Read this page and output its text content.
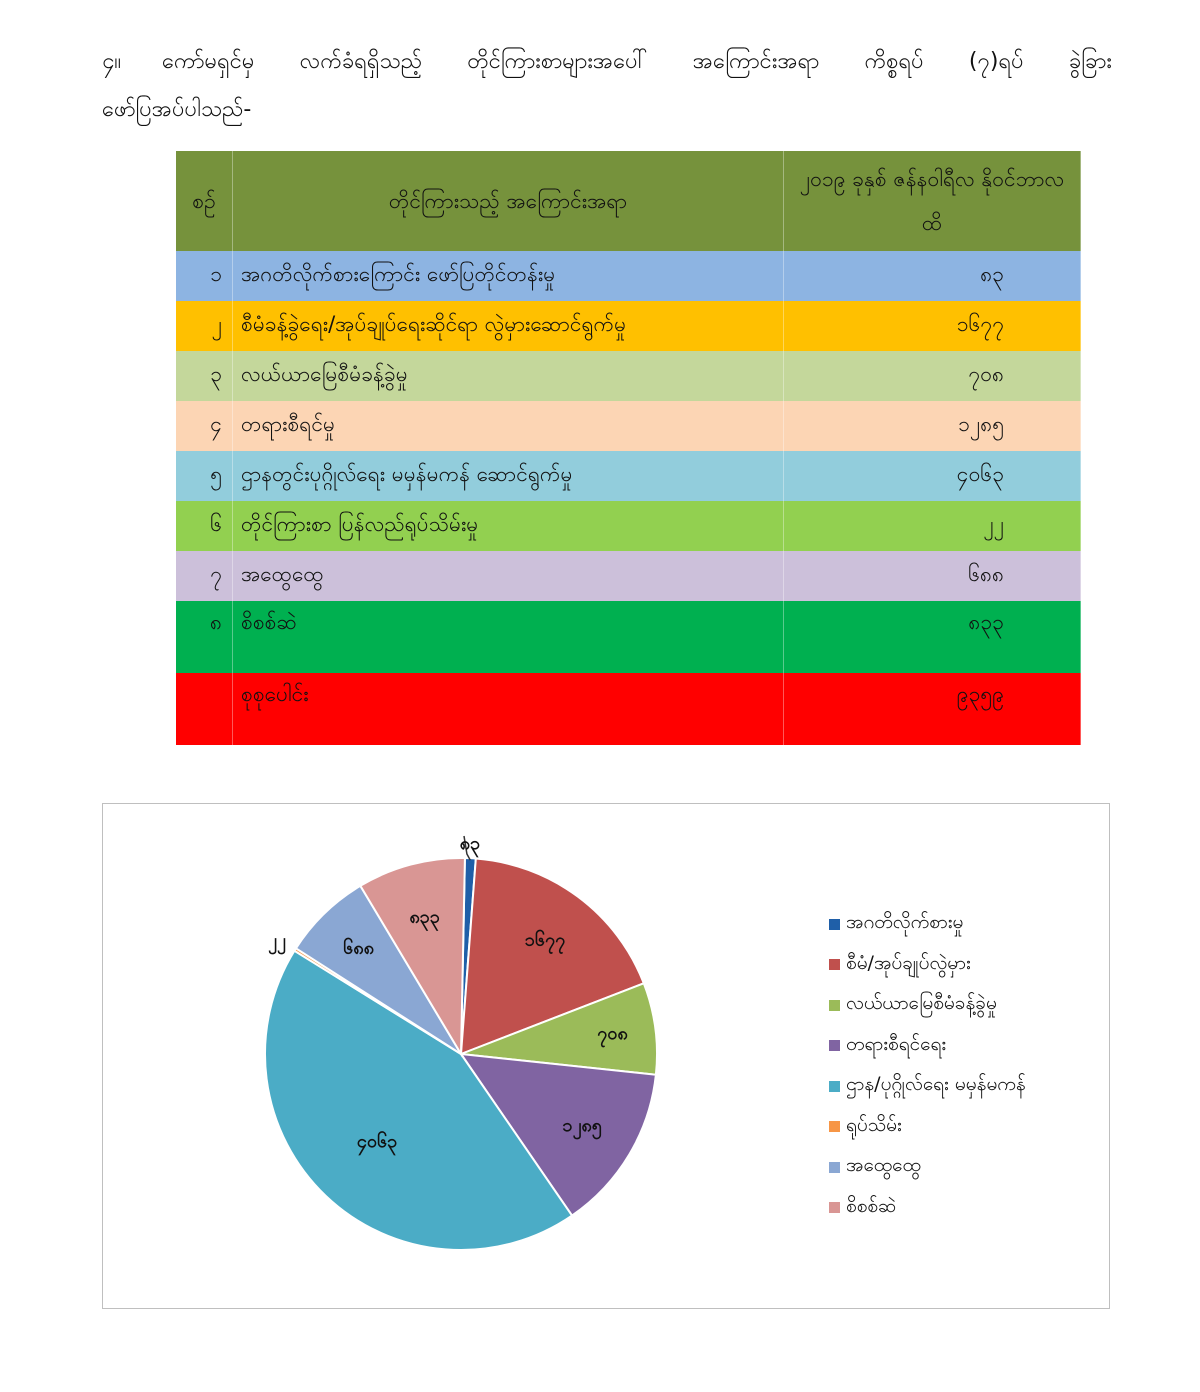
၄။	ကော်မရှင်မှ လက်ခံရရှိသည့် တိုင်ကြားစာများအပေါ် အကြောင်းအရာ ကိစ္စရပ် (၇)ရပ် ခွဲခြား
ဖော်ပြအပ်ပါသည်-
စဉ်	တိုင်ကြားသည့် အကြောင်းအရာ	၂၀၁၉ ခုနှစ် ဇန်နဝါရီလ နိုဝင်ဘာလထိ
၁	အဂတိလိုက်စားကြောင်း ဖော်ပြတိုင်တန်းမှု	၈၃
၂	စီမံခန့်ခွဲရေး/အုပ်ချုပ်ရေးဆိုင်ရာ လွဲမှားဆောင်ရွက်မှု	၁၆၇၇
၃	လယ်ယာမြေစီမံခန့်ခွဲမှု	၇၀၈
၄	တရားစီရင်မှု	၁၂၈၅
၅	ဌာနတွင်းပုဂ္ဂိုလ်ရေး မမှန်မကန် ဆောင်ရွက်မှု	၄၀၆၃
၆	တိုင်ကြားစာ ပြန်လည်ရုပ်သိမ်းမှု	၂၂
၇	အထွေထွေ	၆၈၈
၈	စိစစ်ဆဲ	၈၃၃
	စုစုပေါင်း	၉၃၅၉
၈၃
၁၆၇၇
၇၀၈
၁၂၈၅
၄၀၆၃
၂၂	၆၈၈
၈၃၃	အဂတိလိုက်စားမှု
စီမံ/အုပ်ချုပ်လွဲမှား
လယ်ယာမြေစီမံခန့်ခွဲမှု
တရားစီရင်ရေး
ဌာန/ပုဂ္ဂိုလ်ရေး မမှန်မကန်
ရုပ်သိမ်း
အထွေထွေ
စိစစ်ဆဲ
